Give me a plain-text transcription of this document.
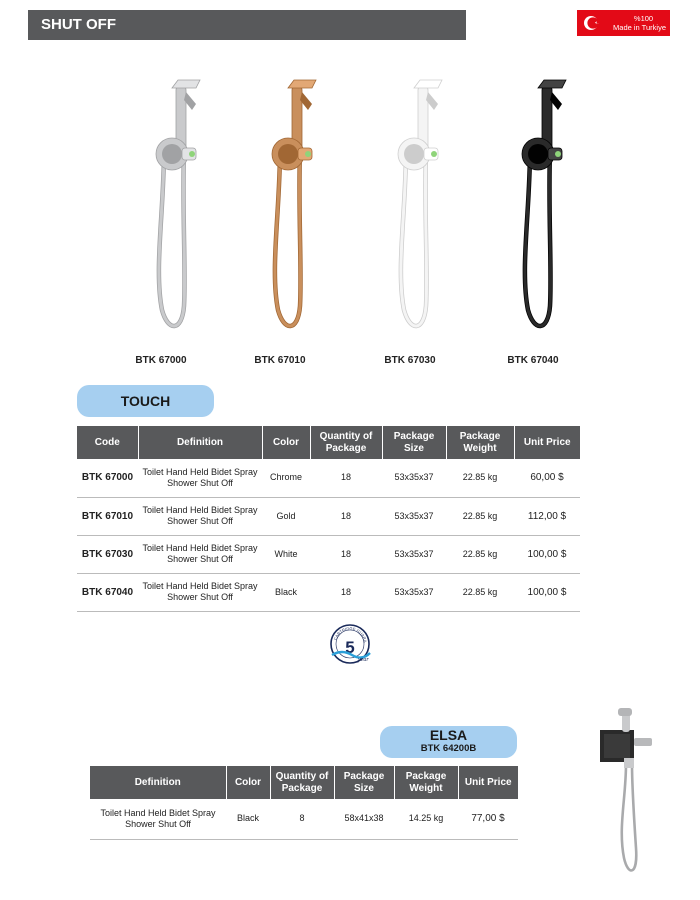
SHUT OFF	%100
Made in Turkiye
BTK 67000	BTK 67010	BTK 67030	BTK 67040
TOUCH
Code	Definition	Color	Quantity of Package	Package Size	Package Weight	Unit Price
BTK 67000	Toilet Hand Held Bidet Spray Shower Shut Off	Chrome	18	53x35x37	22.85 kg	60,00 $
BTK 67010	Toilet Hand Held Bidet Spray Shower Shut Off	Gold	18	53x35x37	22.85 kg	112,00 $
BTK 67030	Toilet Hand Held Bidet Spray Shower Shut Off	White	18	53x35x37	22.85 kg	100,00 $
BTK 67040	Toilet Hand Held Bidet Spray Shower Shut Off	Black	18	53x35x37	22.85 kg	100,00 $
CARTRIDGE GUARA
5
year
ELSA
BTK 64200B
Definition	Color	Quantity of Package	Package Size	Package Weight	Unit Price
Toilet Hand Held Bidet Spray Shower Shut Off	Black	8	58x41x38	14.25 kg	77,00 $
